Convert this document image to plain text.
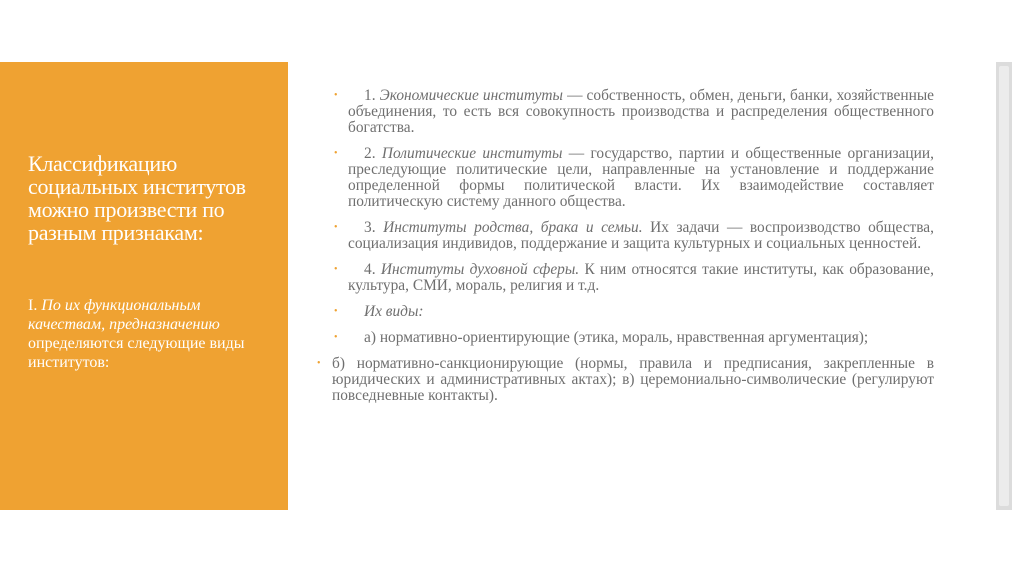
Классификацию социальных институтов можно произвести по разным признакам:
I. По их функциональным качествам, предназначению определяются следующие виды институтов:
•	1. Экономические институты — собственность, обмен, деньги, банки, хозяйственные объединения, то есть вся совокупность производства и распределения общественного богатства.
•	2. Политические институты — государство, партии и общественные организации, преследующие политические цели, направленные на установление и поддержание определенной формы политической власти. Их взаимодействие составляет политическую систему данного общества.
•	3. Институты родства, брака и семьи. Их задачи — воспроизводство общества, социализация индивидов, поддержание и защита культурных и социальных ценностей.
•	4. Институты духовной сферы. К ним относятся такие институты, как образование, культура, СМИ, мораль, религия и т.д.
•	Их виды:
•	а) нормативно-ориентирующие (этика, мораль, нравственная аргументация);
• б) нормативно-санкционирующие (нормы, правила и предписания, закрепленные в юридических и административных актах); в) церемониально-символические (регулируют повседневные контакты).
